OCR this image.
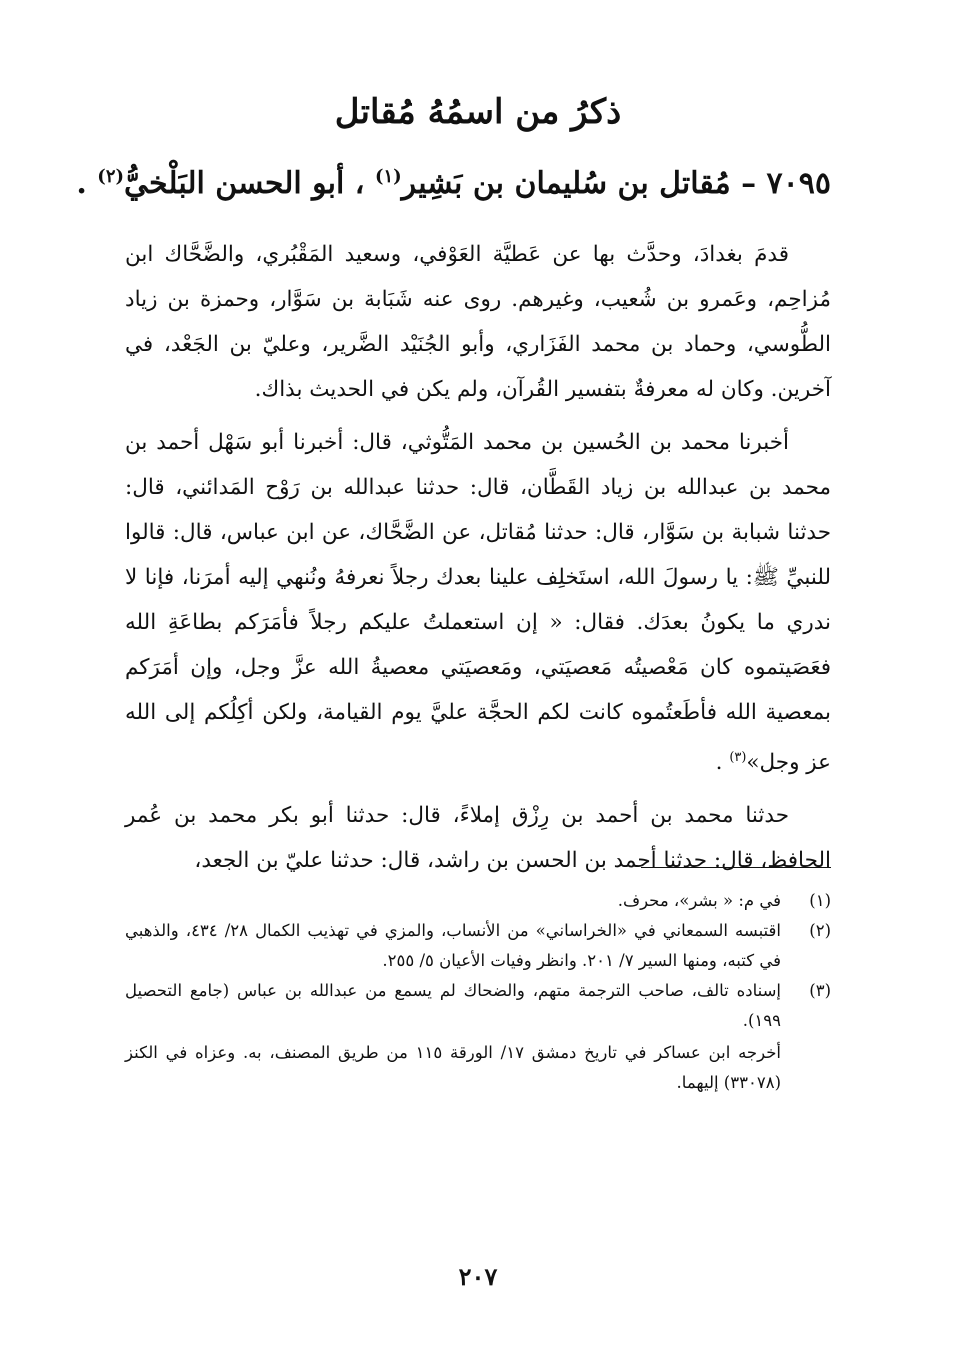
ذكرُ من اسمُهُ مُقاتل
٧٠٩٥ – مُقاتل بن سُليمان بن بَشِير$^{(١)}$ ، أبو الحسن البَلْخيُّ$^{(٢)}$ .

قدمَ بغدادَ، وحدَّث بها عن عَطيَّة العَوْفي، وسعيد المَقْبُري، والضَّحَّاك ابن مُزاحِم، وعَمرو بن شُعيب، وغيرهم. روى عنه شَبَابة بن سَوَّار، وحمزة بن زياد الطُّوسي، وحماد بن محمد الفَزَاري، وأبو الجُنَيْد الضَّرير، وعليّ بن الجَعْد، في آخرين. وكان له معرفةٌ بتفسير القُرآن، ولم يكن في الحديث بذاك.

أخبرنا محمد بن الحُسين بن محمد المَتُّوثي، قال: أخبرنا أبو سَهْل أحمد بن محمد بن عبدالله بن زياد القَطَّان، قال: حدثنا عبدالله بن رَوْح المَدائني، قال: حدثنا شبابة بن سَوَّار، قال: حدثنا مُقاتل، عن الضَّحَّاك، عن ابن عباس، قال: قالوا للنبيِّ ﷺ: يا رسولَ الله، استَخلِف علينا بعدك رجلاً نعرفهُ ونُنهي إليه أمرَنا، فإنا لا ندري ما يكونُ بعدَك. فقال: « إن استعملتُ عليكم رجلاً فأمَرَكم بطاعَةِ الله فعَصَيتموه كان مَعْصيتُه مَعصيَتي، ومَعصيَتي معصيةُ الله عزَّ وجل، وإن أمَرَكم بمعصية الله فأطَعتُموه كانت لكم الحجَّة عليَّ يوم القيامة، ولكن أكِلُكم إلى الله عز وجل»$^{(٣)}$ .

حدثنا محمد بن أحمد بن رِزْق إملاءً، قال: حدثنا أبو بكر محمد بن عُمر الحافظ، قال: حدثنا أحمد بن الحسن بن راشد، قال: حدثنا عليّ بن الجعد،

(١)
في م: « بشر»، محرف.
(٢)
اقتبسه السمعاني في «الخراساني» من الأنساب، والمزي في تهذيب الكمال ٢٨/ ٤٣٤، والذهبي في كتبه، ومنها السير ٧/ ٢٠١. وانظر وفيات الأعيان ٥/ ٢٥٥.
(٣)
إسناده تالف، صاحب الترجمة متهم، والضحاك لم يسمع من عبدالله بن عباس (جامع التحصيل ١٩٩).
أخرجه ابن عساكر في تاريخ دمشق ١٧/ الورقة ١١٥ من طريق المصنف، به. وعزاه في الكنز (٣٣٠٧٨) إليهما.
٢٠٧
